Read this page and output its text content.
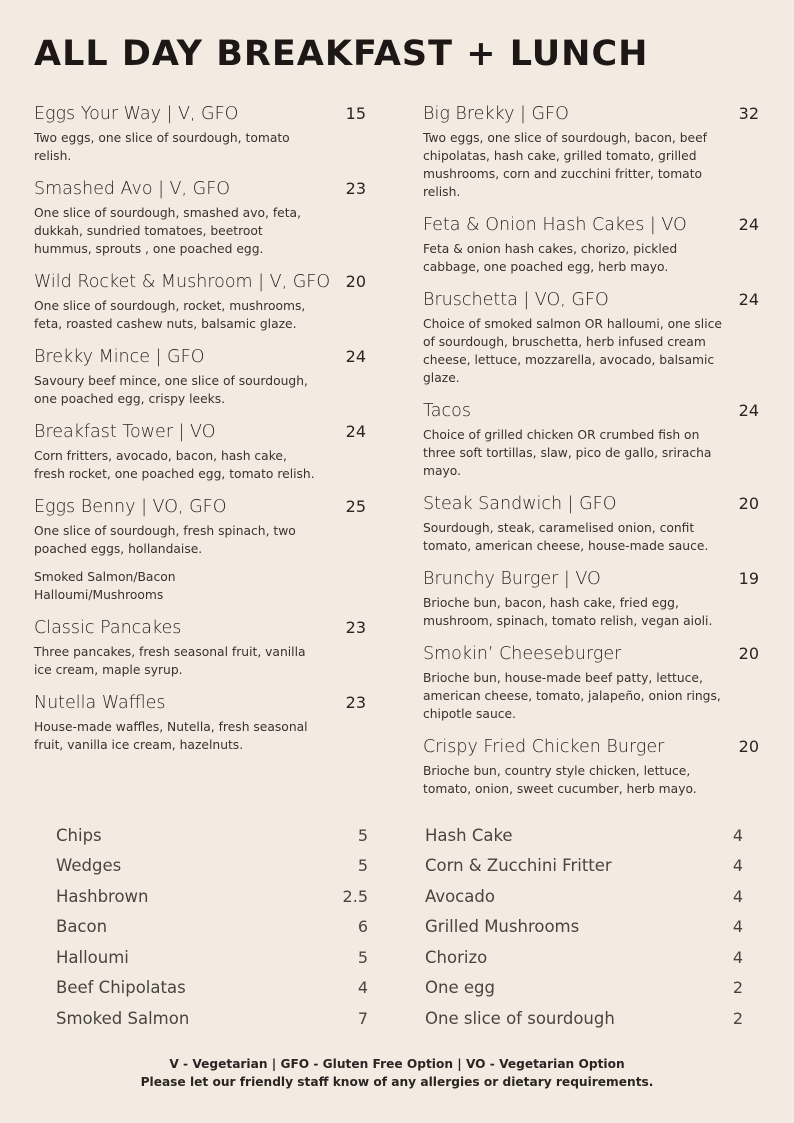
ALL DAY BREAKFAST + LUNCH
Eggs Your Way | V, GFO	15
Two eggs, one slice of sourdough, tomato relish.
Smashed Avo | V, GFO	23
One slice of sourdough, smashed avo, feta, dukkah, sundried tomatoes, beetroot hummus, sprouts , one poached egg.
Wild Rocket & Mushroom | V, GFO 20
One slice of sourdough, rocket, mushrooms, feta, roasted cashew nuts, balsamic glaze.
Brekky Mince | GFO	24
Savoury beef mince, one slice of sourdough, one poached egg, crispy leeks.
Breakfast Tower | VO	24
Corn fritters, avocado, bacon, hash cake, fresh rocket, one poached egg, tomato relish.
Eggs Benny | VO, GFO	25
One slice of sourdough, fresh spinach, two poached eggs, hollandaise.
Smoked Salmon/Bacon Halloumi/Mushrooms
Classic Pancakes	23
Three pancakes, fresh seasonal fruit, vanilla ice cream, maple syrup.
Nutella Waffles	23
House-made waffles, Nutella, fresh seasonal fruit, vanilla ice cream, hazelnuts.
Big Brekky | GFO	32
Two eggs, one slice of sourdough, bacon, beef chipolatas, hash cake, grilled tomato, grilled mushrooms, corn and zucchini fritter, tomato relish.
Feta & Onion Hash Cakes | VO	24
Feta & onion hash cakes, chorizo, pickled cabbage, one poached egg, herb mayo.
Bruschetta | VO, GFO	24
Choice of smoked salmon OR halloumi, one slice of sourdough, bruschetta, herb infused cream cheese, lettuce, mozzarella, avocado, balsamic glaze.
Tacos	24
Choice of grilled chicken OR crumbed fish on three soft tortillas, slaw, pico de gallo, sriracha mayo.
Steak Sandwich | GFO	20
Sourdough, steak, caramelised onion, confit tomato, american cheese, house-made sauce.
Brunchy Burger | VO	19
Brioche bun, bacon, hash cake, fried egg, mushroom, spinach, tomato relish, vegan aioli.
Smokin’ Cheeseburger	20
Brioche bun, house-made beef patty, lettuce, american cheese, tomato, jalapeño, onion rings, chipotle sauce.
Crispy Fried Chicken Burger	20
Brioche bun, country style chicken, lettuce, tomato, onion, sweet cucumber, herb mayo.
Chips	5
Wedges	5
Hashbrown	2.5
Bacon	6
Halloumi	5
Beef Chipolatas	4
Smoked Salmon	7
Hash Cake	4
Corn & Zucchini Fritter	4
Avocado	4
Grilled Mushrooms	4
Chorizo	4
One egg	2
One slice of sourdough	2
V - Vegetarian | GFO - Gluten Free Option | VO - Vegetarian Option
Please let our friendly staff know of any allergies or dietary requirements.
